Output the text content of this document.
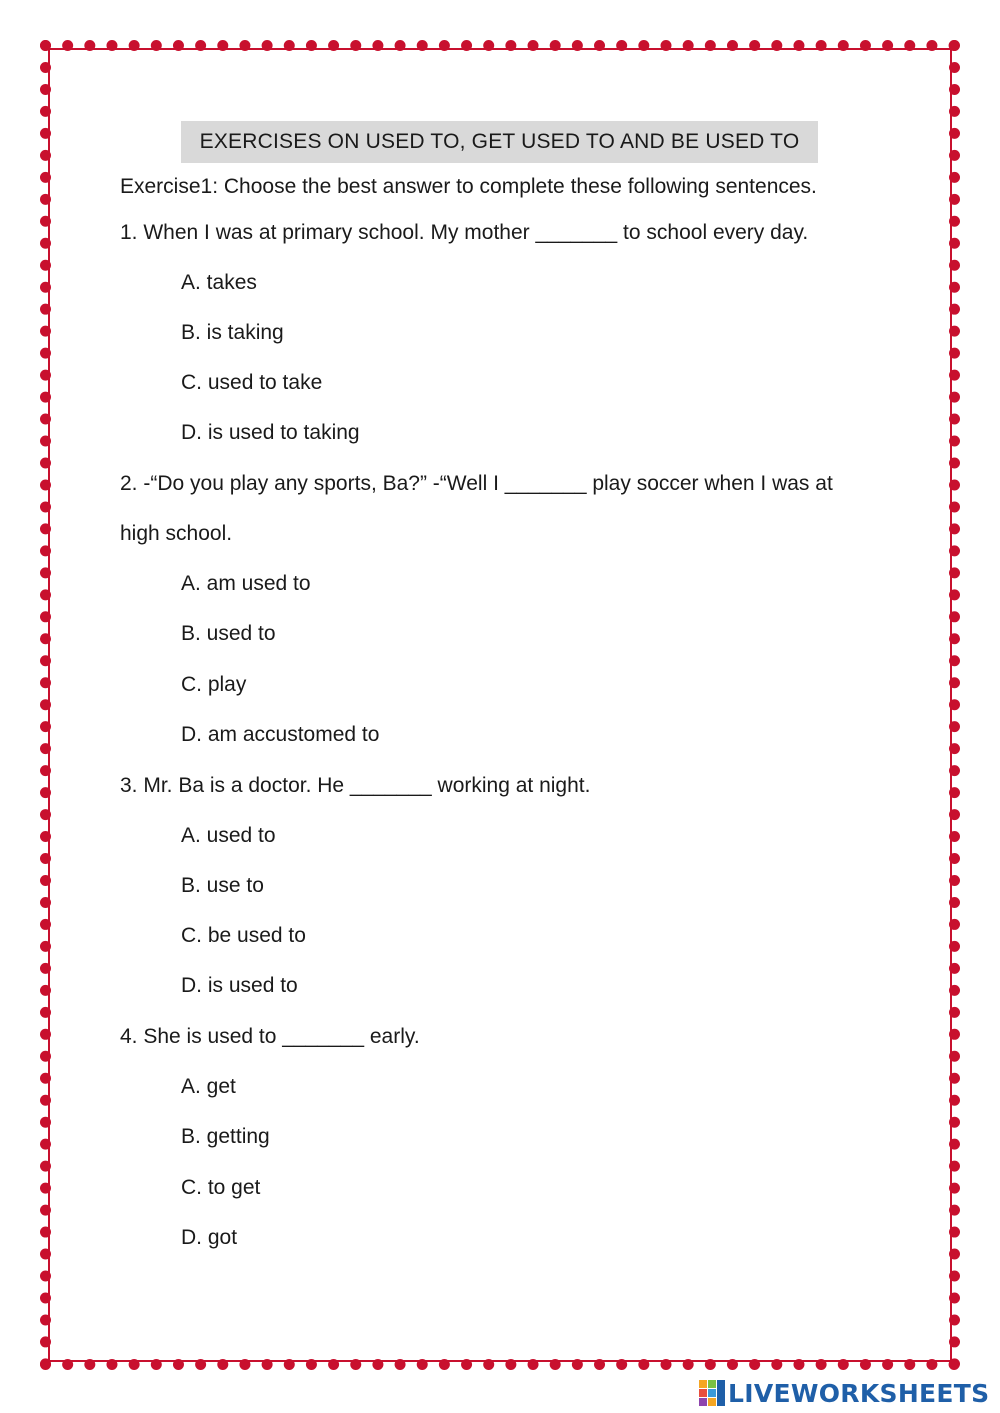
EXERCISES ON USED TO, GET USED TO AND BE USED TO
Exercise1: Choose the best answer to complete these following sentences.
1. When I was at primary school. My mother _______ to school every day.
A. takes
B. is taking
C. used to take
D. is used to taking
2. -“Do you play any sports, Ba?” -“Well I _______ play soccer when I was at
high school.
A. am used to
B. used to
C. play
D. am accustomed to
3. Mr. Ba is a doctor. He _______ working at night.
A. used to
B. use to
C. be used to
D. is used to
4. She is used to _______ early.
A. get
B. getting
C. to get
D. got
LIVEWORKSHEETS
